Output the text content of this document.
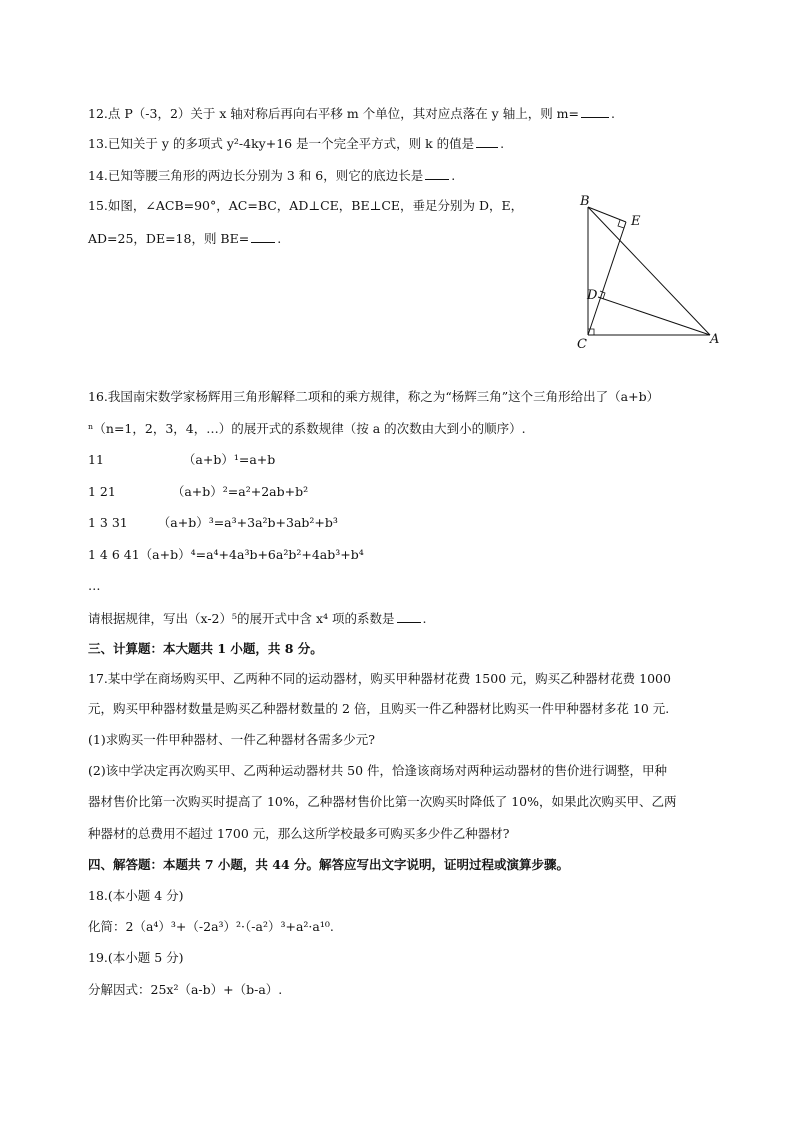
12.点 P（-3，2）关于 x 轴对称后再向右平移 m 个单位，其对应点落在 y 轴上，则 m=	.
13.已知关于 y 的多项式 y²-4ky+16 是一个完全平方式，则 k 的值是 .
14.已知等腰三角形的两边长分别为 3 和 6，则它的底边长是 .
15.如图，∠ACB=90°，AC=BC，AD⊥CE，BE⊥CE，垂足分别为 D，E，
AD=25，DE=18，则 BE= .
16.我国南宋数学家杨辉用三角形解释二项和的乘方规律，称之为“杨辉三角”这个三角形给出了（a+b）
ⁿ（n=1，2，3，4，…）的展开式的系数规律（按 a 的次数由大到小的顺序）.
11	（a+b）¹=a+b
1 21	（a+b）²=a²+2ab+b²
1 3 31 （a+b）³=a³+3a²b+3ab²+b³
1 4 6 41（a+b）⁴=a⁴+4a³b+6a²b²+4ab³+b⁴
…
请根据规律，写出（x-2）⁵的展开式中含 x⁴ 项的系数是 .
三、计算题：本大题共 1 小题，共 8 分。
17.某中学在商场购买甲、乙两种不同的运动器材，购买甲种器材花费 1500 元，购买乙种器材花费 1000
元，购买甲种器材数量是购买乙种器材数量的 2 倍，且购买一件乙种器材比购买一件甲种器材多花 10 元.
(1)求购买一件甲种器材、一件乙种器材各需多少元?
(2)该中学决定再次购买甲、乙两种运动器材共 50 件，恰逢该商场对两种运动器材的售价进行调整，甲种
器材售价比第一次购买时提高了 10%，乙种器材售价比第一次购买时降低了 10%，如果此次购买甲、乙两
种器材的总费用不超过 1700 元，那么这所学校最多可购买多少件乙种器材?
四、解答题：本题共 7 小题，共 44 分。解答应写出文字说明，证明过程或演算步骤。
18.(本小题 4 分)
化简：2（a⁴）³+（-2a³）²·（-a²）³+a²·a¹⁰.
19.(本小题 5 分)
分解因式：25x²（a-b）+（b-a）.
B
E
D
C	A
